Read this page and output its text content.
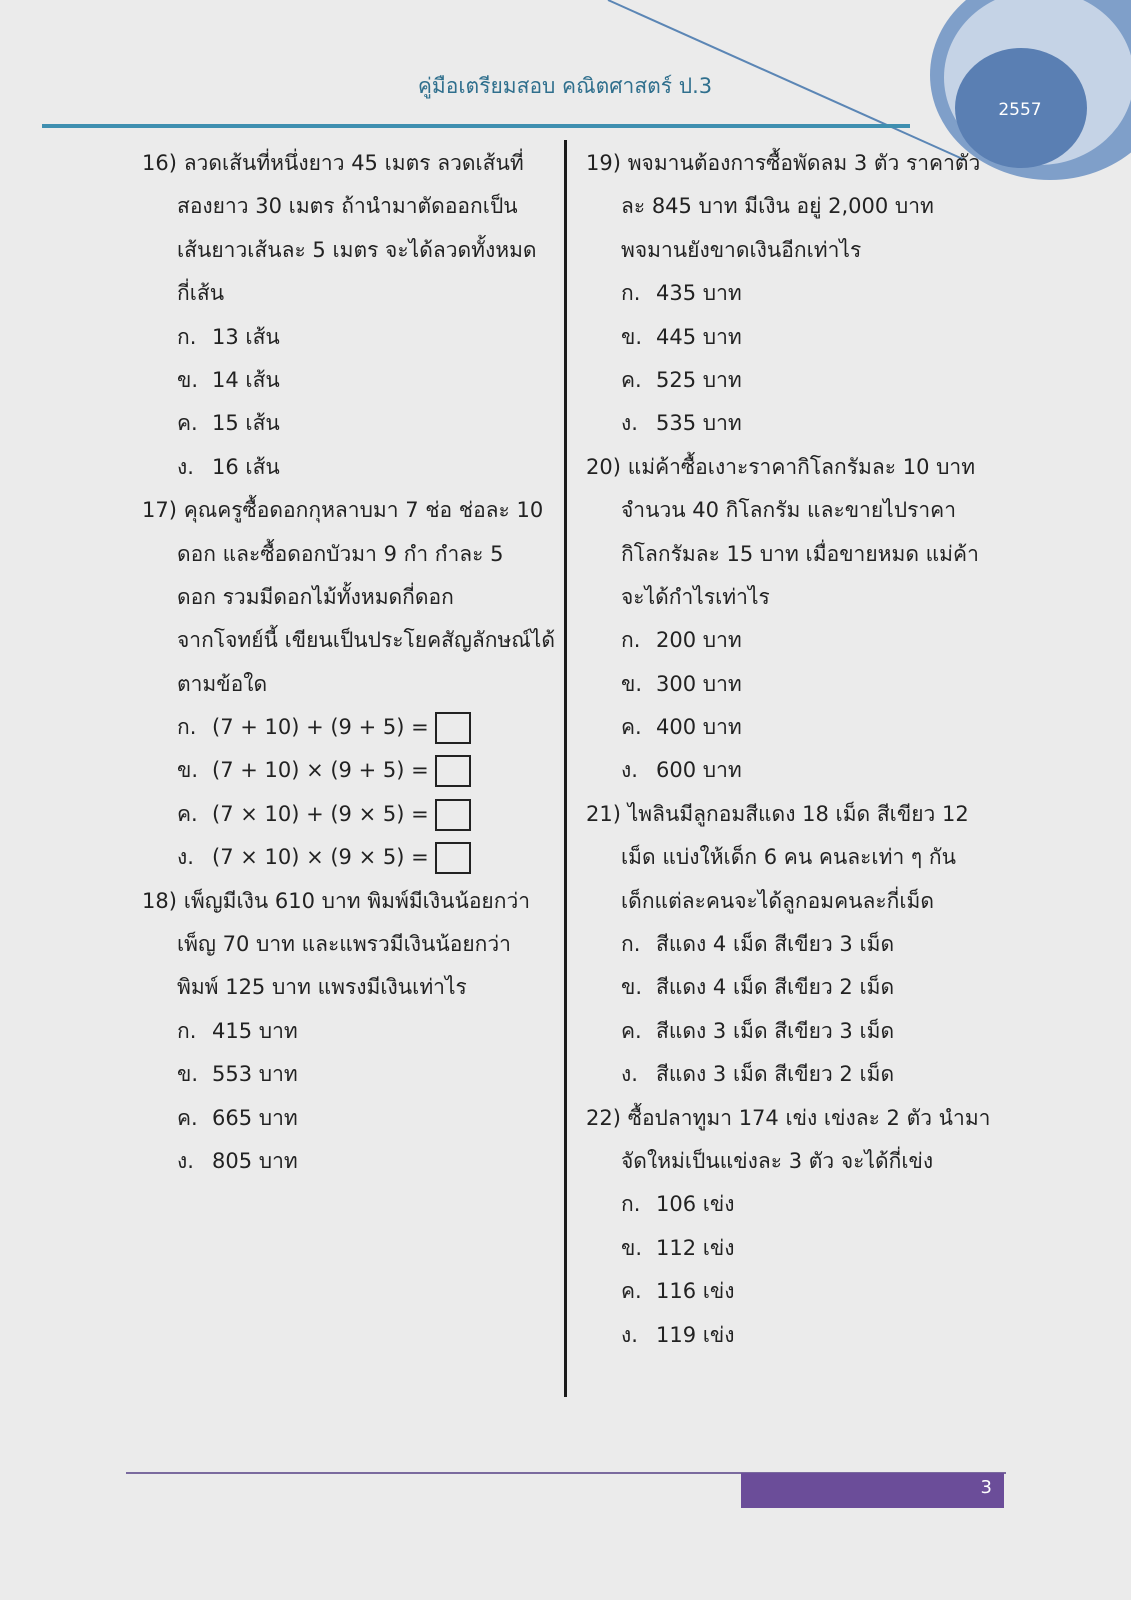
2557
คู่มือเตรียมสอบ คณิตศาสตร์ ป.3
16) ลวดเส้นที่หนึ่งยาว 45 เมตร ลวดเส้นที่
สองยาว 30 เมตร ถ้านำมาตัดออกเป็น
เส้นยาวเส้นละ 5 เมตร จะได้ลวดทั้งหมด
กี่เส้น
ก. 13 เส้น
ข. 14 เส้น
ค. 15 เส้น
ง. 16 เส้น
17) คุณครูซื้อดอกกุหลาบมา 7 ช่อ ช่อละ 10
ดอก และซื้อดอกบัวมา 9 กำ กำละ 5
ดอก รวมมีดอกไม้ทั้งหมดกี่ดอก
จากโจทย์นี้ เขียนเป็นประโยคสัญลักษณ์ได้
ตามข้อใด
ก. (7 + 10) + (9 + 5) =
ข. (7 + 10) × (9 + 5) =
ค. (7 × 10) + (9 × 5) =
ง. (7 × 10) × (9 × 5) =
18) เพ็ญมีเงิน 610 บาท พิมพ์มีเงินน้อยกว่า
เพ็ญ 70 บาท และแพรวมีเงินน้อยกว่า
พิมพ์ 125 บาท แพรงมีเงินเท่าไร
ก. 415 บาท
ข. 553 บาท
ค. 665 บาท
ง. 805 บาท
19) พจมานต้องการซื้อพัดลม 3 ตัว ราคาตัว
ละ 845 บาท มีเงิน อยู่ 2,000 บาท
พจมานยังขาดเงินอีกเท่าไร
ก. 435 บาท
ข. 445 บาท
ค. 525 บาท
ง. 535 บาท
20) แม่ค้าซื้อเงาะราคากิโลกรัมละ 10 บาท
จำนวน 40 กิโลกรัม และขายไปราคา
กิโลกรัมละ 15 บาท เมื่อขายหมด แม่ค้า
จะได้กำไรเท่าไร
ก. 200 บาท
ข. 300 บาท
ค. 400 บาท
ง. 600 บาท
21) ไพลินมีลูกอมสีแดง 18 เม็ด สีเขียว 12
เม็ด แบ่งให้เด็ก 6 คน คนละเท่า ๆ กัน
เด็กแต่ละคนจะได้ลูกอมคนละกี่เม็ด
ก. สีแดง 4 เม็ด สีเขียว 3 เม็ด
ข. สีแดง 4 เม็ด สีเขียว 2 เม็ด
ค. สีแดง 3 เม็ด สีเขียว 3 เม็ด
ง. สีแดง 3 เม็ด สีเขียว 2 เม็ด
22) ซื้อปลาทูมา 174 เข่ง เข่งละ 2 ตัว นำมา
จัดใหม่เป็นแข่งละ 3 ตัว จะได้กี่เข่ง
ก. 106 เข่ง
ข. 112 เข่ง
ค. 116 เข่ง
ง. 119 เข่ง
3
